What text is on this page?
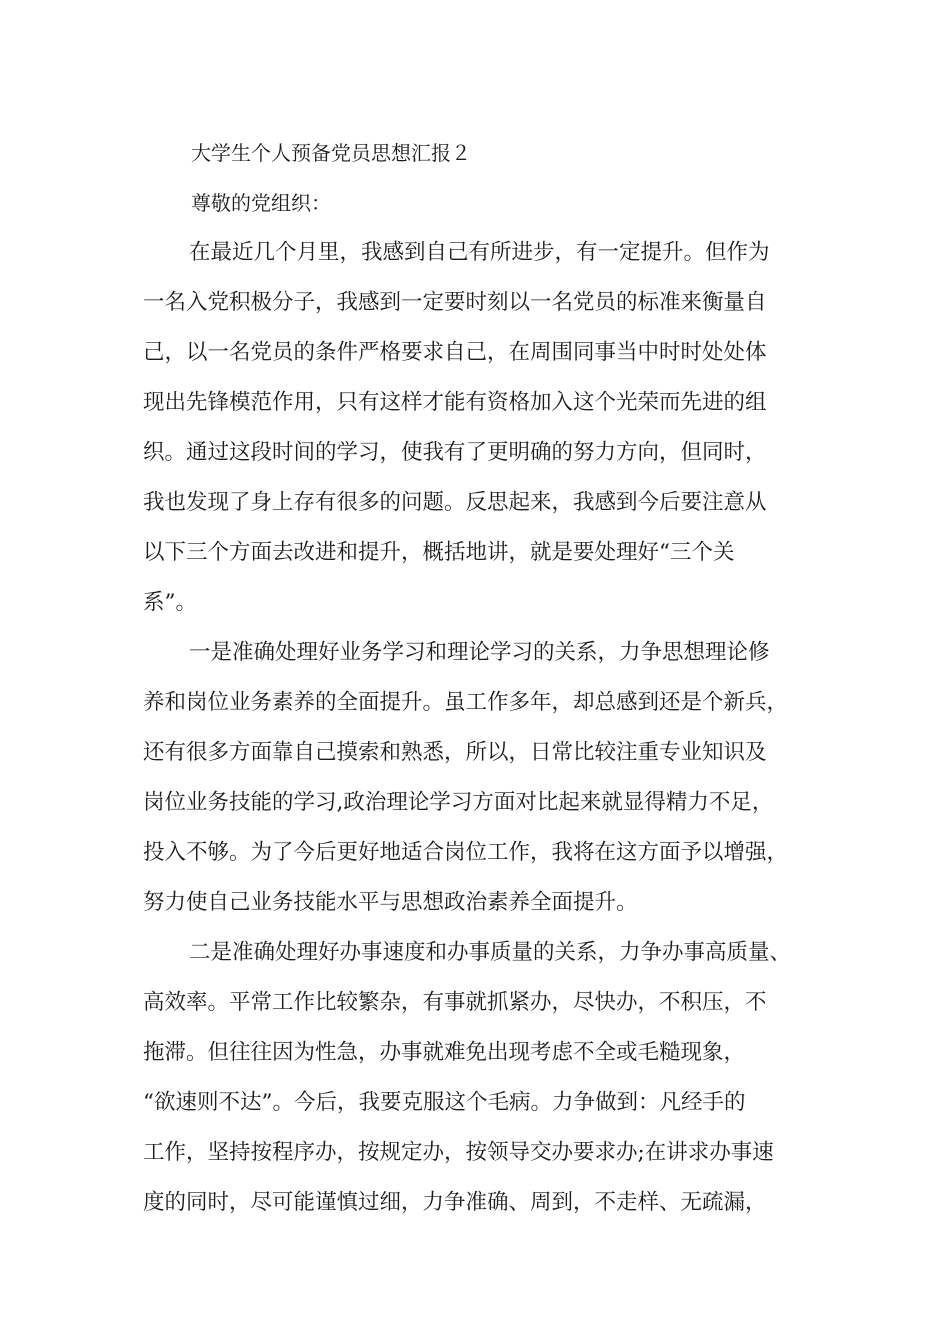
大学生个人预备党员思想汇报２
尊敬的党组织：
在最近几个月里，我感到自己有所进步，有一定提升。但作为
一名入党积极分子，我感到一定要时刻以一名党员的标准来衡量自
己，以一名党员的条件严格要求自己，在周围同事当中时时处处体
现出先锋模范作用，只有这样才能有资格加入这个光荣而先进的组
织。通过这段时间的学习，使我有了更明确的努力方向，但同时，
我也发现了身上存有很多的问题。反思起来，我感到今后要注意从
以下三个方面去改进和提升，概括地讲，就是要处理好“三个关
系”。
一是准确处理好业务学习和理论学习的关系，力争思想理论修
养和岗位业务素养的全面提升。虽工作多年，却总感到还是个新兵，
还有很多方面靠自己摸索和熟悉，所以，日常比较注重专业知识及
岗位业务技能的学习,政治理论学习方面对比起来就显得精力不足，
投入不够。为了今后更好地适合岗位工作，我将在这方面予以增强，
努力使自己业务技能水平与思想政治素养全面提升。
二是准确处理好办事速度和办事质量的关系，力争办事高质量、
高效率。平常工作比较繁杂，有事就抓紧办，尽快办，不积压，不
拖滞。但往往因为性急，办事就难免出现考虑不全或毛糙现象，
“欲速则不达”。今后，我要克服这个毛病。力争做到：凡经手的
工作，坚持按程序办，按规定办，按领导交办要求办;在讲求办事速
度的同时，尽可能谨慎过细，力争准确、周到，不走样、无疏漏，
